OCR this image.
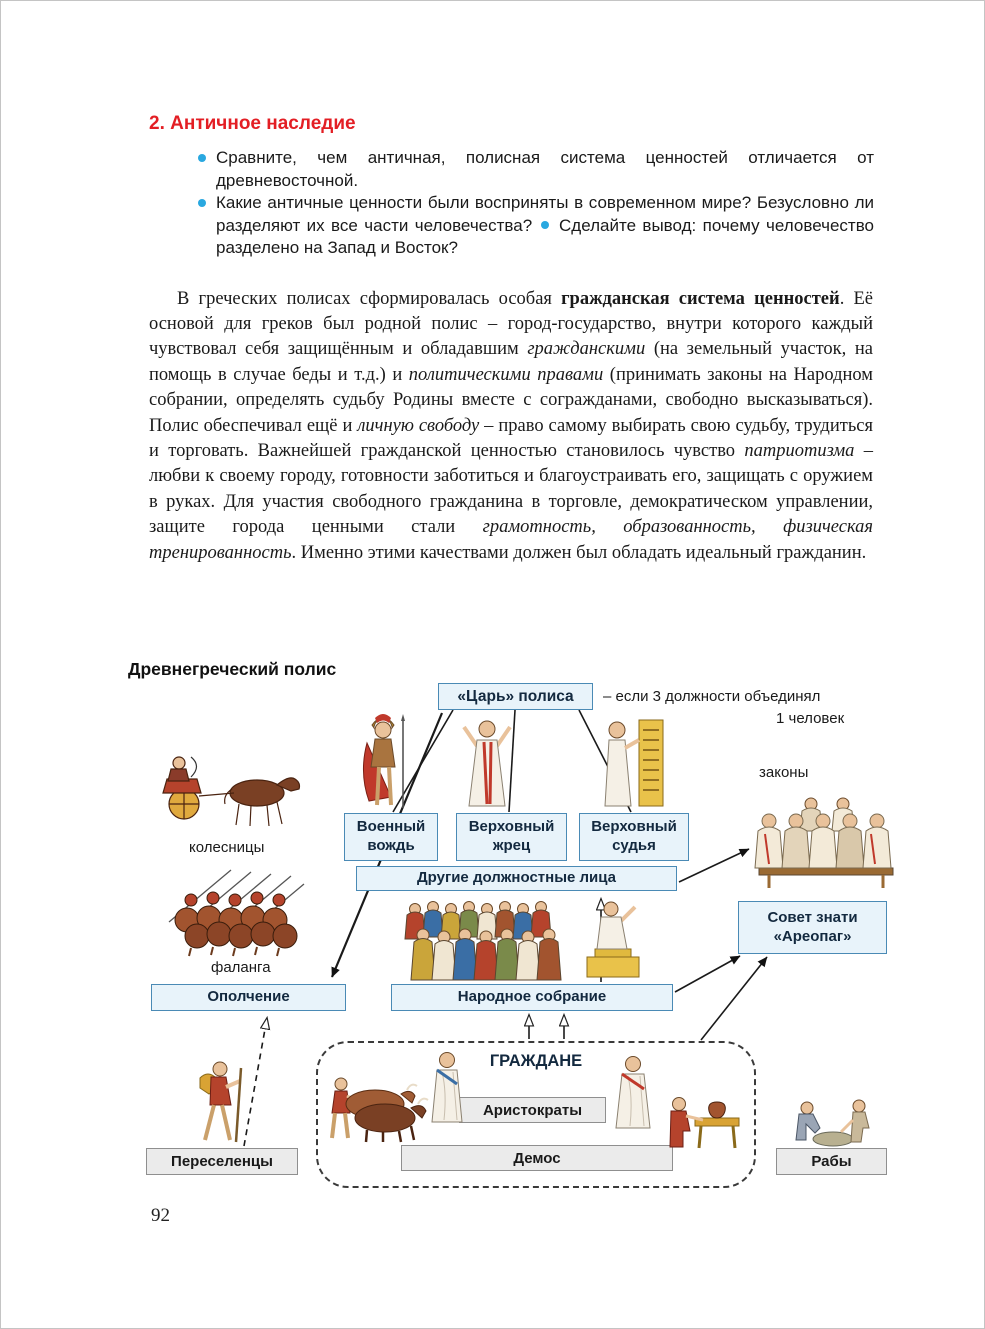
2. Античное наследие
Сравните, чем античная, полисная система ценностей отличается от древневосточной.
Какие античные ценности были восприняты в современном мире? Безусловно ли разделяют их все части человечества? Сделайте вывод: почему человечество разделено на Запад и Восток?

В греческих полисах сформировалась особая гражданская система ценностей. Её основой для греков был родной полис – город-государство, внутри которого каждый чувствовал себя защищённым и обладавшим гражданскими (на земельный участок, на помощь в случае беды и т.д.) и политическими правами (принимать законы на Народном собрании, определять судьбу Родины вместе с согражданами, свободно высказываться). Полис обеспечивал ещё и личную свободу – право самому выбирать свою судьбу, трудиться и торговать. Важнейшей гражданской ценностью становилось чувство патриотизма – любви к своему городу, готовности заботиться и благоустраивать его, защищать с оружием в руках. Для участия свободного гражданина в торговле, демократическом управлении, защите города ценными стали грамотность, образованность, физическая тренированность. Именно этими качествами должен был обладать идеальный гражданин.

Древнегреческий полис
– если 3 должности объединял
1 человек
законы
колесницы
фаланга
«Царь» полиса
Военный вождь
Верховный жрец
Верховный судья
Другие должностные лица
Совет знати
«Ареопаг»
Ополчение	Народное собрание
ГРАЖДАНЕ
Аристократы
Демос
Переселенцы	Рабы
92
